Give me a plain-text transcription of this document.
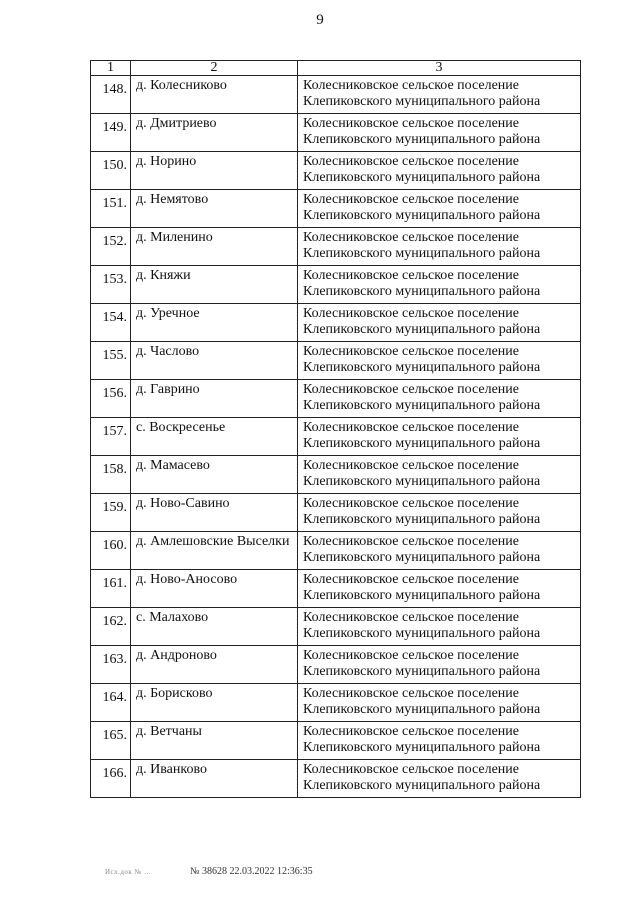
9
1	2	3
148.	д. Колесниково	Колесниковское сельское поселение
Клепиковского муниципального района

149.	д. Дмитриево	Колесниковское сельское поселение
Клепиковского муниципального района

150.	д. Норино	Колесниковское сельское поселение
Клепиковского муниципального района

151.	д. Немятово	Колесниковское сельское поселение
Клепиковского муниципального района

152.	д. Миленино	Колесниковское сельское поселение
Клепиковского муниципального района

153.	д. Княжи	Колесниковское сельское поселение
Клепиковского муниципального района

154.	д. Уречное	Колесниковское сельское поселение
Клепиковского муниципального района

155.	д. Часлово	Колесниковское сельское поселение
Клепиковского муниципального района

156.	д. Гаврино	Колесниковское сельское поселение
Клепиковского муниципального района

157.	с. Воскресенье	Колесниковское сельское поселение
Клепиковского муниципального района

158.	д. Мамасево	Колесниковское сельское поселение
Клепиковского муниципального района

159.	д. Ново-Савино	Колесниковское сельское поселение
Клепиковского муниципального района

160.	д. Амлешовские Выселки	Колесниковское сельское поселение
Клепиковского муниципального района

161.	д. Ново-Аносово	Колесниковское сельское поселение
Клепиковского муниципального района

162.	с. Малахово	Колесниковское сельское поселение
Клепиковского муниципального района

163.	д. Андроново	Колесниковское сельское поселение
Клепиковского муниципального района

164.	д. Борисково	Колесниковское сельское поселение
Клепиковского муниципального района

165.	д. Ветчаны	Колесниковское сельское поселение
Клепиковского муниципального района

166.	д. Иванково	Колесниковское сельское поселение
Клепиковского муниципального района
Исх.док № …	№ 38628 22.03.2022 12:36:35
